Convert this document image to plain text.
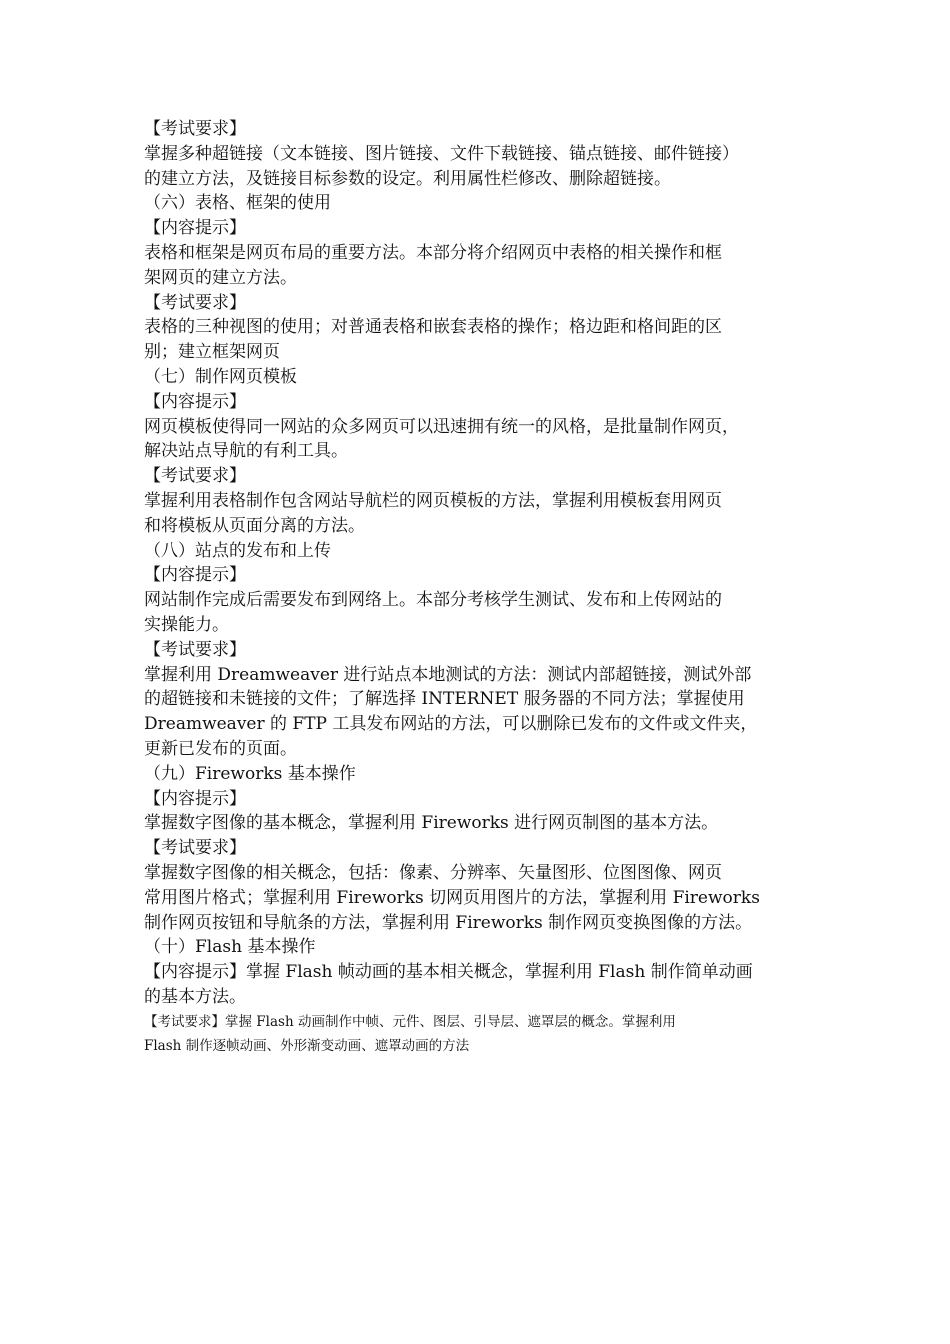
【考试要求】
掌握多种超链接（文本链接、图片链接、文件下载链接、锚点链接、邮件链接）
的建立方法，及链接目标参数的设定。利用属性栏修改、删除超链接。
（六）表格、框架的使用
【内容提示】
表格和框架是网页布局的重要方法。本部分将介绍网页中表格的相关操作和框
架网页的建立方法。
【考试要求】
表格的三种视图的使用；对普通表格和嵌套表格的操作；格边距和格间距的区
别；建立框架网页
（七）制作网页模板
【内容提示】
网页模板使得同一网站的众多网页可以迅速拥有统一的风格，是批量制作网页，
解决站点导航的有利工具。
【考试要求】
掌握利用表格制作包含网站导航栏的网页模板的方法，掌握利用模板套用网页
和将模板从页面分离的方法。
（八）站点的发布和上传
【内容提示】
网站制作完成后需要发布到网络上。本部分考核学生测试、发布和上传网站的
实操能力。
【考试要求】
掌握利用 Dreamweaver 进行站点本地测试的方法：测试内部超链接，测试外部
的超链接和未链接的文件；了解选择 INTERNET 服务器的不同方法；掌握使用
Dreamweaver 的 FTP 工具发布网站的方法，可以删除已发布的文件或文件夹，
更新已发布的页面。
（九）Fireworks 基本操作
【内容提示】
掌握数字图像的基本概念，掌握利用 Fireworks 进行网页制图的基本方法。
【考试要求】
掌握数字图像的相关概念，包括：像素、分辨率、矢量图形、位图图像、网页
常用图片格式；掌握利用 Fireworks 切网页用图片的方法，掌握利用 Fireworks
制作网页按钮和导航条的方法，掌握利用 Fireworks 制作网页变换图像的方法。
（十）Flash 基本操作
【内容提示】掌握 Flash 帧动画的基本相关概念，掌握利用 Flash 制作简单动画
的基本方法。
【考试要求】掌握 Flash 动画制作中帧、元件、图层、引导层、遮罩层的概念。掌握利用
Flash 制作逐帧动画、外形渐变动画、遮罩动画的方法
